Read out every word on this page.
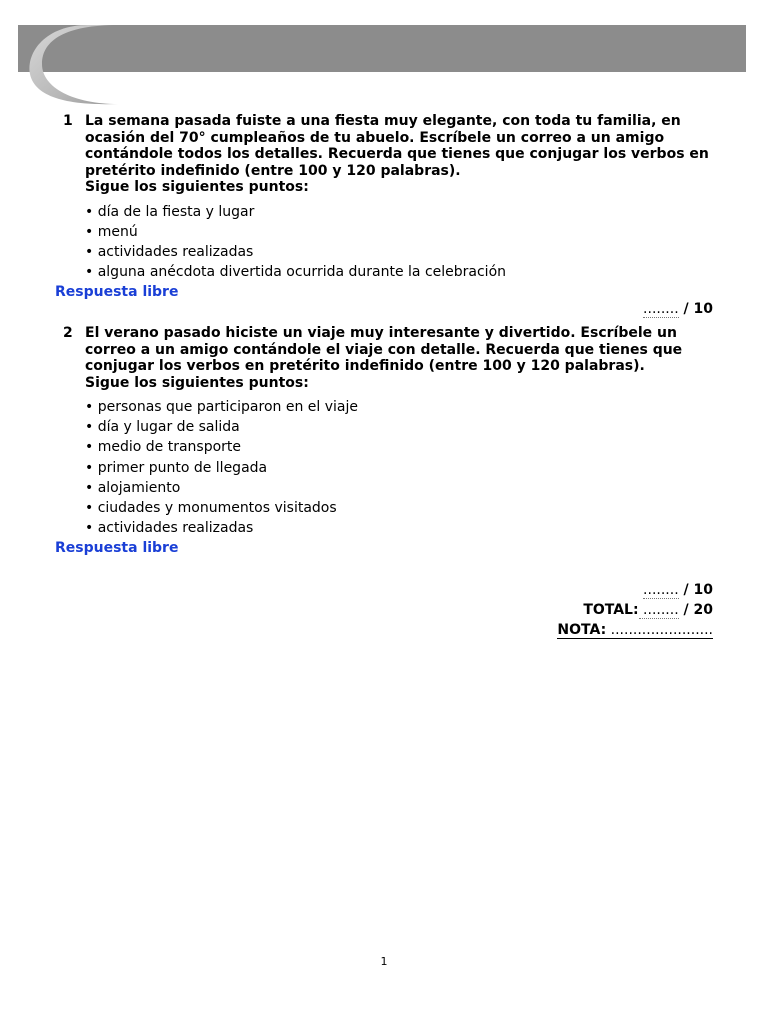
1 La semana pasada fuiste a una fiesta muy elegante, con toda tu familia, en ocasión del 70° cumpleaños de tu abuelo. Escríbele un correo a un amigo contándole todos los detalles. Recuerda que tienes que conjugar los verbos en pretérito indefinido (entre 100 y 120 palabras).
Sigue los siguientes puntos:
• día de la fiesta y lugar
• menú
• actividades realizadas
• alguna anécdota divertida ocurrida durante la celebración
Respuesta libre
........ / 10
2 El verano pasado hiciste un viaje muy interesante y divertido. Escríbele un correo a un amigo contándole el viaje con detalle. Recuerda que tienes que conjugar los verbos en pretérito indefinido (entre 100 y 120 palabras).
Sigue los siguientes puntos:
• personas que participaron en el viaje
• día y lugar de salida
• medio de transporte
• primer punto de llegada
• alojamiento
• ciudades y monumentos visitados
• actividades realizadas
Respuesta libre
........ / 10
TOTAL: ........ / 20
NOTA: .......................
1
